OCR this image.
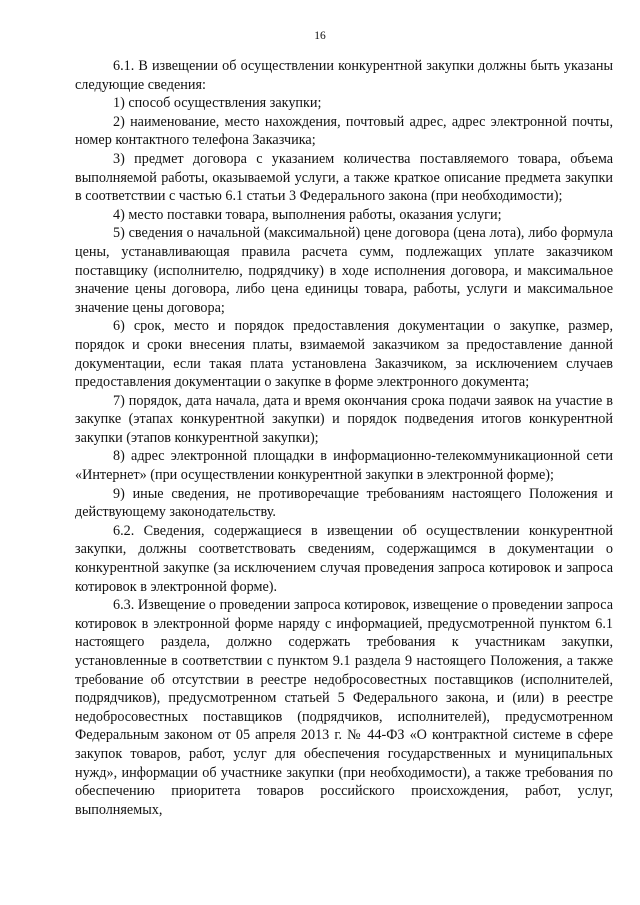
16

6.1. В извещении об осуществлении конкурентной закупки должны быть указаны следующие сведения:

1) способ осуществления закупки;

2) наименование, место нахождения, почтовый адрес, адрес электронной почты, номер контактного телефона Заказчика;

3) предмет договора с указанием количества поставляемого товара, объема выполняемой работы, оказываемой услуги, а также краткое описание предмета закупки в соответствии с частью 6.1 статьи 3 Федерального закона (при необходимости);

4) место поставки товара, выполнения работы, оказания услуги;

5) сведения о начальной (максимальной) цене договора (цена лота), либо формула цены, устанавливающая правила расчета сумм, подлежащих уплате заказчиком поставщику (исполнителю, подрядчику) в ходе исполнения договора, и максимальное значение цены договора, либо цена единицы товара, работы, услуги и максимальное значение цены договора;

6) срок, место и порядок предоставления документации о закупке, размер, порядок и сроки внесения платы, взимаемой заказчиком за предоставление данной документации, если такая плата установлена Заказчиком, за исключением случаев предоставления документации о закупке в форме электронного документа;

7) порядок, дата начала, дата и время окончания срока подачи заявок на участие в закупке (этапах конкурентной закупки) и порядок подведения итогов конкурентной закупки (этапов конкурентной закупки);

8) адрес электронной площадки в информационно-телекоммуникационной сети «Интернет» (при осуществлении конкурентной закупки в электронной форме);

9) иные сведения, не противоречащие требованиям настоящего Положения и действующему законодательству.

6.2. Сведения, содержащиеся в извещении об осуществлении конкурентной закупки, должны соответствовать сведениям, содержащимся в документации о конкурентной закупке (за исключением случая проведения запроса котировок и запроса котировок в электронной форме).

6.3. Извещение о проведении запроса котировок, извещение о проведении запроса котировок в электронной форме наряду с информацией, предусмотренной пунктом 6.1 настоящего раздела, должно содержать требования к участникам закупки, установленные в соответствии с пунктом 9.1 раздела 9 настоящего Положения, а также требование об отсутствии в реестре недобросовестных поставщиков (исполнителей, подрядчиков), предусмотренном статьей 5 Федерального закона, и (или) в реестре недобросовестных поставщиков (подрядчиков, исполнителей), предусмотренном Федеральным законом от 05 апреля 2013 г. № 44-ФЗ «О контрактной системе в сфере закупок товаров, работ, услуг для обеспечения государственных и муниципальных нужд», информации об участнике закупки (при необходимости), а также требования по обеспечению приоритета товаров российского происхождения, работ, услуг, выполняемых,
